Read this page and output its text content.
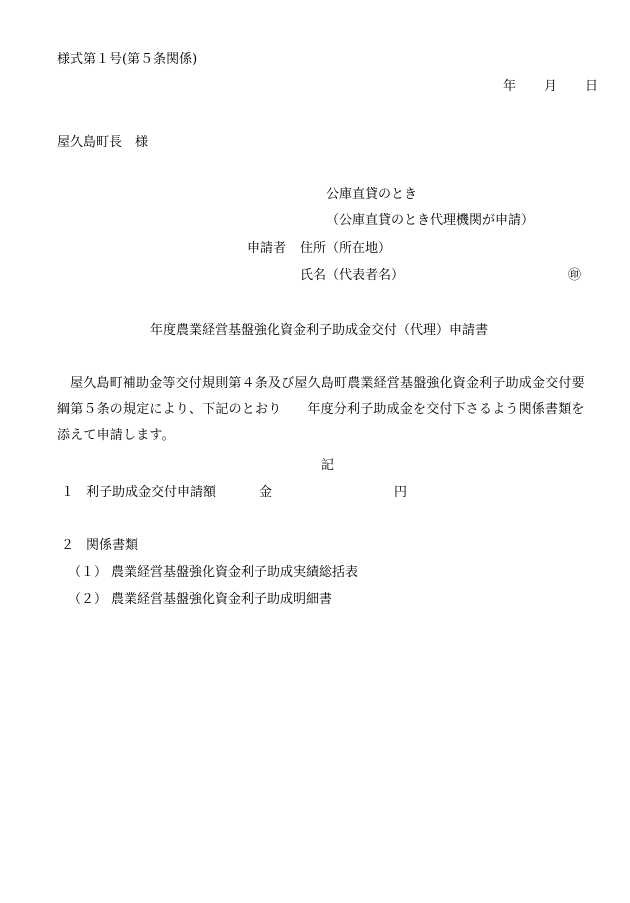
様式第１号(第５条関係)

年 月 日

屋久島町長　様

公庫直貸のとき

（公庫直貸のとき代理機関が申請）

申請者 住所（所在地）

氏名（代表者名）	㊞

年度農業経営基盤強化資金利子助成金交付（代理）申請書

屋久島町補助金等交付規則第４条及び屋久島町農業経営基盤強化資金利子助成金交付要
綱第５条の規定により、下記のとおり 年度分利子助成金を交付下さるよう関係書類を
添えて申請します。

記

１ 利子助成金交付申請額	金	円

２ 関係書類

（１） 農業経営基盤強化資金利子助成実績総括表

（２） 農業経営基盤強化資金利子助成明細書
